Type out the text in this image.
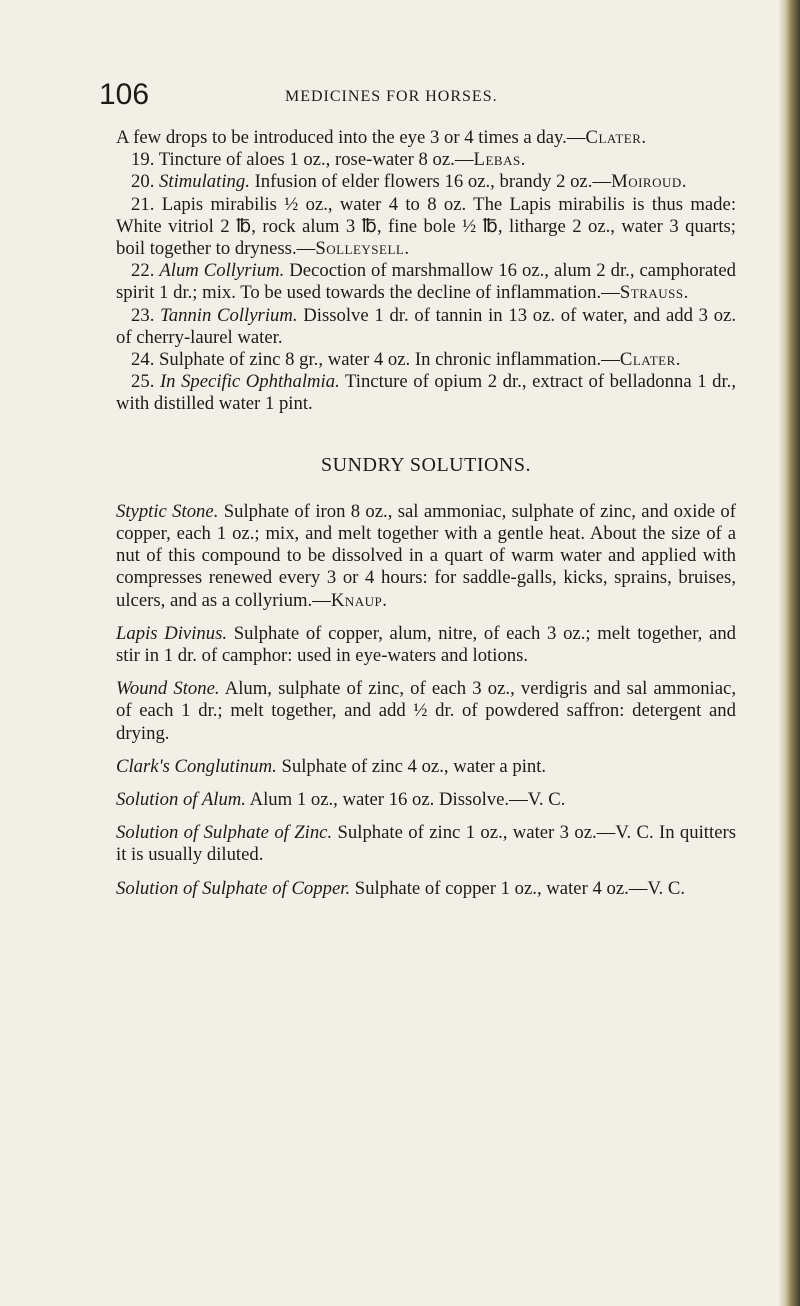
106	MEDICINES FOR HORSES.

A few drops to be introduced into the eye 3 or 4 times a day.—Clater.

19. Tincture of aloes 1 oz., rose-water 8 oz.—Lebas.

20. Stimulating. Infusion of elder flowers 16 oz., brandy 2 oz.—Moiroud.

21. Lapis mirabilis ½ oz., water 4 to 8 oz. The Lapis mirabilis is thus made: White vitriol 2 ℔, rock alum 3 ℔, fine bole ½ ℔, litharge 2 oz., water 3 quarts; boil together to dryness.—Solleysell.

22. Alum Collyrium. Decoction of marshmallow 16 oz., alum 2 dr., camphorated spirit 1 dr.; mix. To be used towards the decline of inflammation.—Strauss.

23. Tannin Collyrium. Dissolve 1 dr. of tannin in 13 oz. of water, and add 3 oz. of cherry-laurel water.

24. Sulphate of zinc 8 gr., water 4 oz. In chronic inflammation.—Clater.

25. In Specific Ophthalmia. Tincture of opium 2 dr., extract of belladonna 1 dr., with distilled water 1 pint.

SUNDRY SOLUTIONS.

Styptic Stone. Sulphate of iron 8 oz., sal ammoniac, sulphate of zinc, and oxide of copper, each 1 oz.; mix, and melt together with a gentle heat. About the size of a nut of this compound to be dissolved in a quart of warm water and applied with compresses renewed every 3 or 4 hours: for saddle-galls, kicks, sprains, bruises, ulcers, and as a collyrium.—Knaup.

Lapis Divinus. Sulphate of copper, alum, nitre, of each 3 oz.; melt together, and stir in 1 dr. of camphor: used in eye-waters and lotions.

Wound Stone. Alum, sulphate of zinc, of each 3 oz., verdigris and sal ammoniac, of each 1 dr.; melt together, and add ½ dr. of powdered saffron: detergent and drying.

Clark's Conglutinum. Sulphate of zinc 4 oz., water a pint.

Solution of Alum. Alum 1 oz., water 16 oz. Dissolve.—V. C.

Solution of Sulphate of Zinc. Sulphate of zinc 1 oz., water 3 oz.—V. C. In quitters it is usually diluted.

Solution of Sulphate of Copper. Sulphate of copper 1 oz., water 4 oz.—V. C.
